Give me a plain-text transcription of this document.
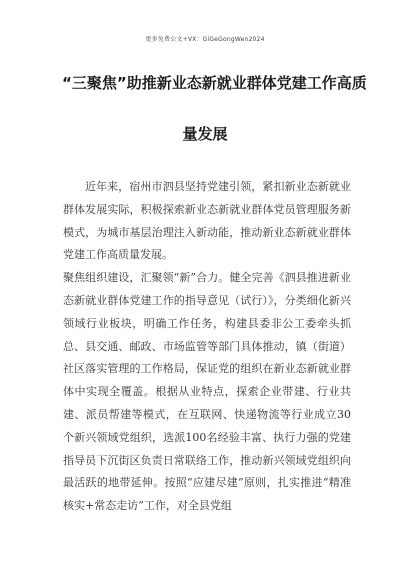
更多免费公文+VX：GiGeGongWen2024
“三聚焦”助推新业态新就业群体党建工作高质
量发展

近年来，宿州市泗县坚持党建引领，紧扣新业态新就业群体发展实际，积极探索新业态新就业群体党员管理服务新模式，为城市基层治理注入新动能，推动新业态新就业群体党建工作高质量发展。

聚焦组织建设，汇聚领“新”合力。健全完善《泗县推进新业态新就业群体党建工作的指导意见（试行）》，分类细化新兴领域行业板块，明确工作任务，构建县委非公工委牵头抓总、县交通、邮政、市场监管等部门具体推动，镇（街道）社区落实管理的工作格局，保证党的组织在新业态新就业群体中实现全覆盖。根据从业特点，探索企业带建、行业共建、派员帮建等模式，在互联网、快递物流等行业成立30个新兴领域党组织，选派100名经验丰富、执行力强的党建指导员下沉街区负责日常联络工作，推动新兴领域党组织向最活跃的地带延伸。按照“应建尽建”原则，扎实推进“精准核实+常态走访”工作，对全县党组
